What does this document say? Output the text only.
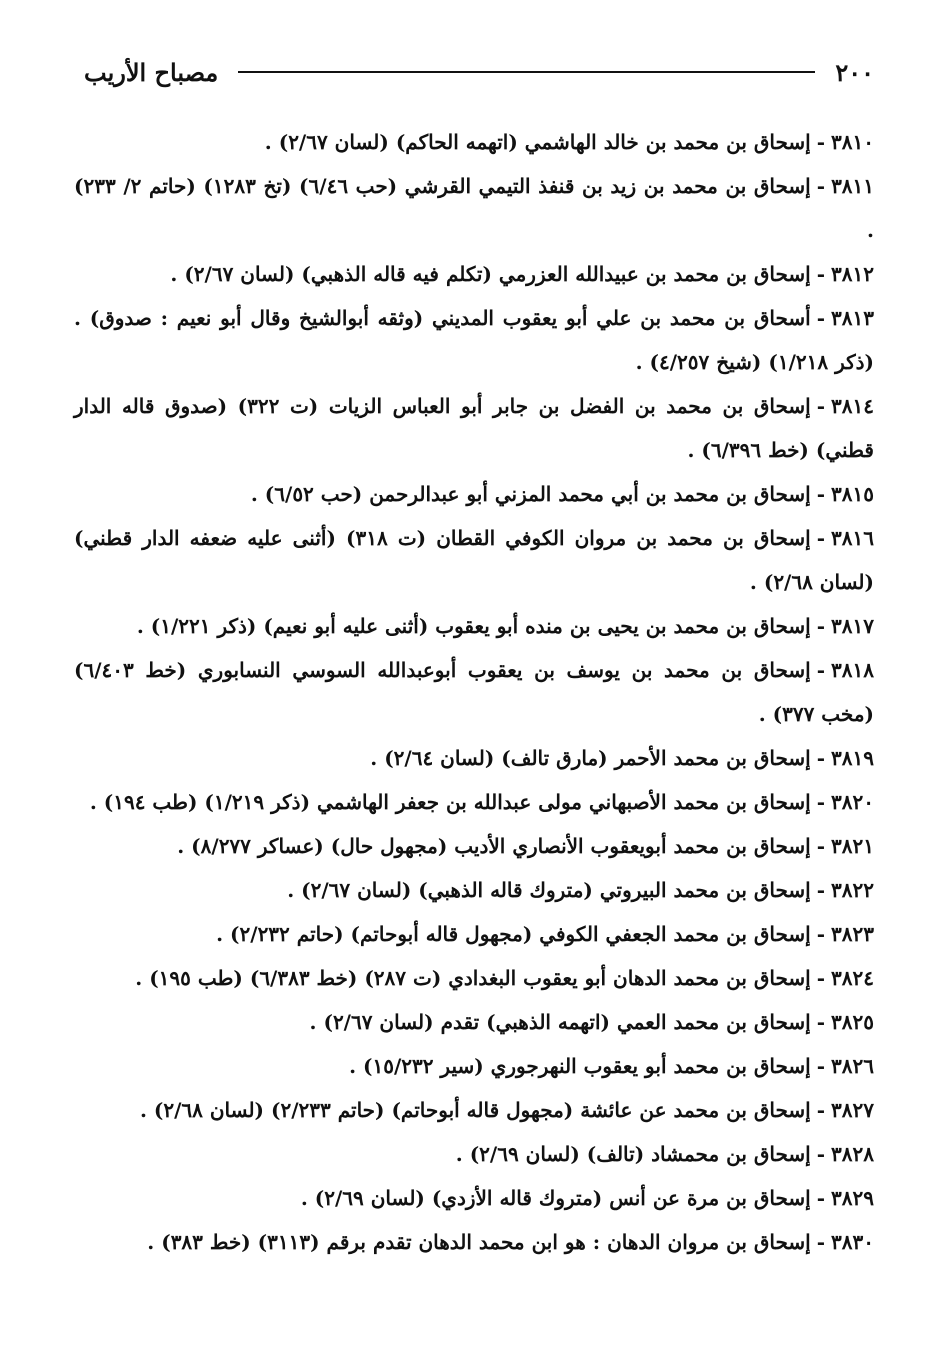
٢٠٠
مصباح الأريب
٣٨١٠-إسحاق بن محمد بن خالد الهاشمي (اتهمه الحاكم) (لسان ٢/٦٧) .
٣٨١١-إسحاق بن محمد بن زيد بن قنفذ التيمي القرشي (حب ٦/٤٦) (تخ ١٢٨٣) (حاتم ٢/ ٢٣٣) .
٣٨١٢-إسحاق بن محمد بن عبيدالله العزرمي (تكلم فيه قاله الذهبي) (لسان ٢/٦٧) .
٣٨١٣-أسحاق بن محمد بن علي أبو يعقوب المديني (وثقه أبوالشيخ وقال أبو نعيم : صدوق) . (ذكر ١/٢١٨) (شيخ ٤/٢٥٧) .
٣٨١٤-إسحاق بن محمد بن الفضل بن جابر أبو العباس الزيات (ت ٣٢٢) (صدوق قاله الدار قطني) (خط ٦/٣٩٦) .
٣٨١٥-إسحاق بن محمد بن أبي محمد المزني أبو عبدالرحمن (حب ٦/٥٢) .
٣٨١٦-إسحاق بن محمد بن مروان الكوفي القطان (ت ٣١٨) (أثنى عليه ضعفه الدار قطني) (لسان ٢/٦٨) .
٣٨١٧-إسحاق بن محمد بن يحيى بن منده أبو يعقوب (أثنى عليه أبو نعيم) (ذكر ١/٢٢١) .
٣٨١٨-إسحاق بن محمد بن يوسف بن يعقوب أبوعبدالله السوسي النسابوري (خط ٦/٤٠٣) (مخب ٣٧٧) .
٣٨١٩-إسحاق بن محمد الأحمر (مارق تالف) (لسان ٢/٦٤) .
٣٨٢٠-إسحاق بن محمد الأصبهاني مولى عبدالله بن جعفر الهاشمي (ذكر ١/٢١٩) (طب ١٩٤) .
٣٨٢١-إسحاق بن محمد أبويعقوب الأنصاري الأديب (مجهول حال) (عساكر ٨/٢٧٧) .
٣٨٢٢-إسحاق بن محمد البيروتي (متروك قاله الذهبي) (لسان ٢/٦٧) .
٣٨٢٣-إسحاق بن محمد الجعفي الكوفي (مجهول قاله أبوحاتم) (حاتم ٢/٢٣٢) .
٣٨٢٤-إسحاق بن محمد الدهان أبو يعقوب البغدادي (ت ٢٨٧) (خط ٦/٣٨٣) (طب ١٩٥) .
٣٨٢٥-إسحاق بن محمد العمي (اتهمه الذهبي) تقدم (لسان ٢/٦٧) .
٣٨٢٦-إسحاق بن محمد أبو يعقوب النهرجوري (سير ١٥/٢٣٢) .
٣٨٢٧-إسحاق بن محمد عن عائشة (مجهول قاله أبوحاتم) (حاتم ٢/٢٣٣) (لسان ٢/٦٨) .
٣٨٢٨-إسحاق بن محمشاد (تالف) (لسان ٢/٦٩) .
٣٨٢٩-إسحاق بن مرة عن أنس (متروك قاله الأزدي) (لسان ٢/٦٩) .
٣٨٣٠-إسحاق بن مروان الدهان : هو ابن محمد الدهان تقدم برقم (٣١١٣) (خط ٣٨٣) .
